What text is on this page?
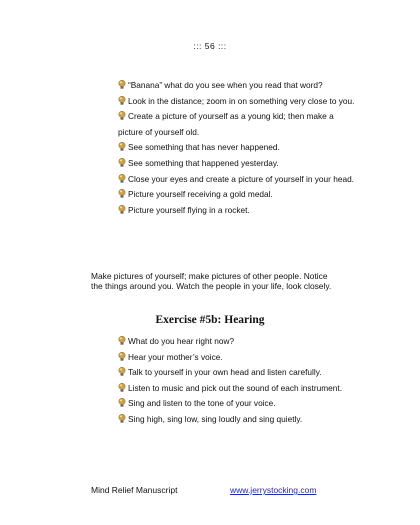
::: 56 :::
“Banana” what do you see when you read that word?
Look in the distance; zoom in on something very close to you.
Create a picture of yourself as a young kid; then make a picture of yourself old.
See something that has never happened.
See something that happened yesterday.
Close your eyes and create a picture of yourself in your head.
Picture yourself receiving a gold medal.
Picture yourself flying in a rocket.
Make pictures of yourself; make pictures of other people. Notice the things around you. Watch the people in your life, look closely.
Exercise #5b: Hearing
What do you hear right now?
Hear your mother’s voice.
Talk to yourself in your own head and listen carefully.
Listen to music and pick out the sound of each instrument.
Sing and listen to the tone of your voice.
Sing high, sing low, sing loudly and sing quietly.
Mind Relief Manuscript	www.jerrystocking.com
